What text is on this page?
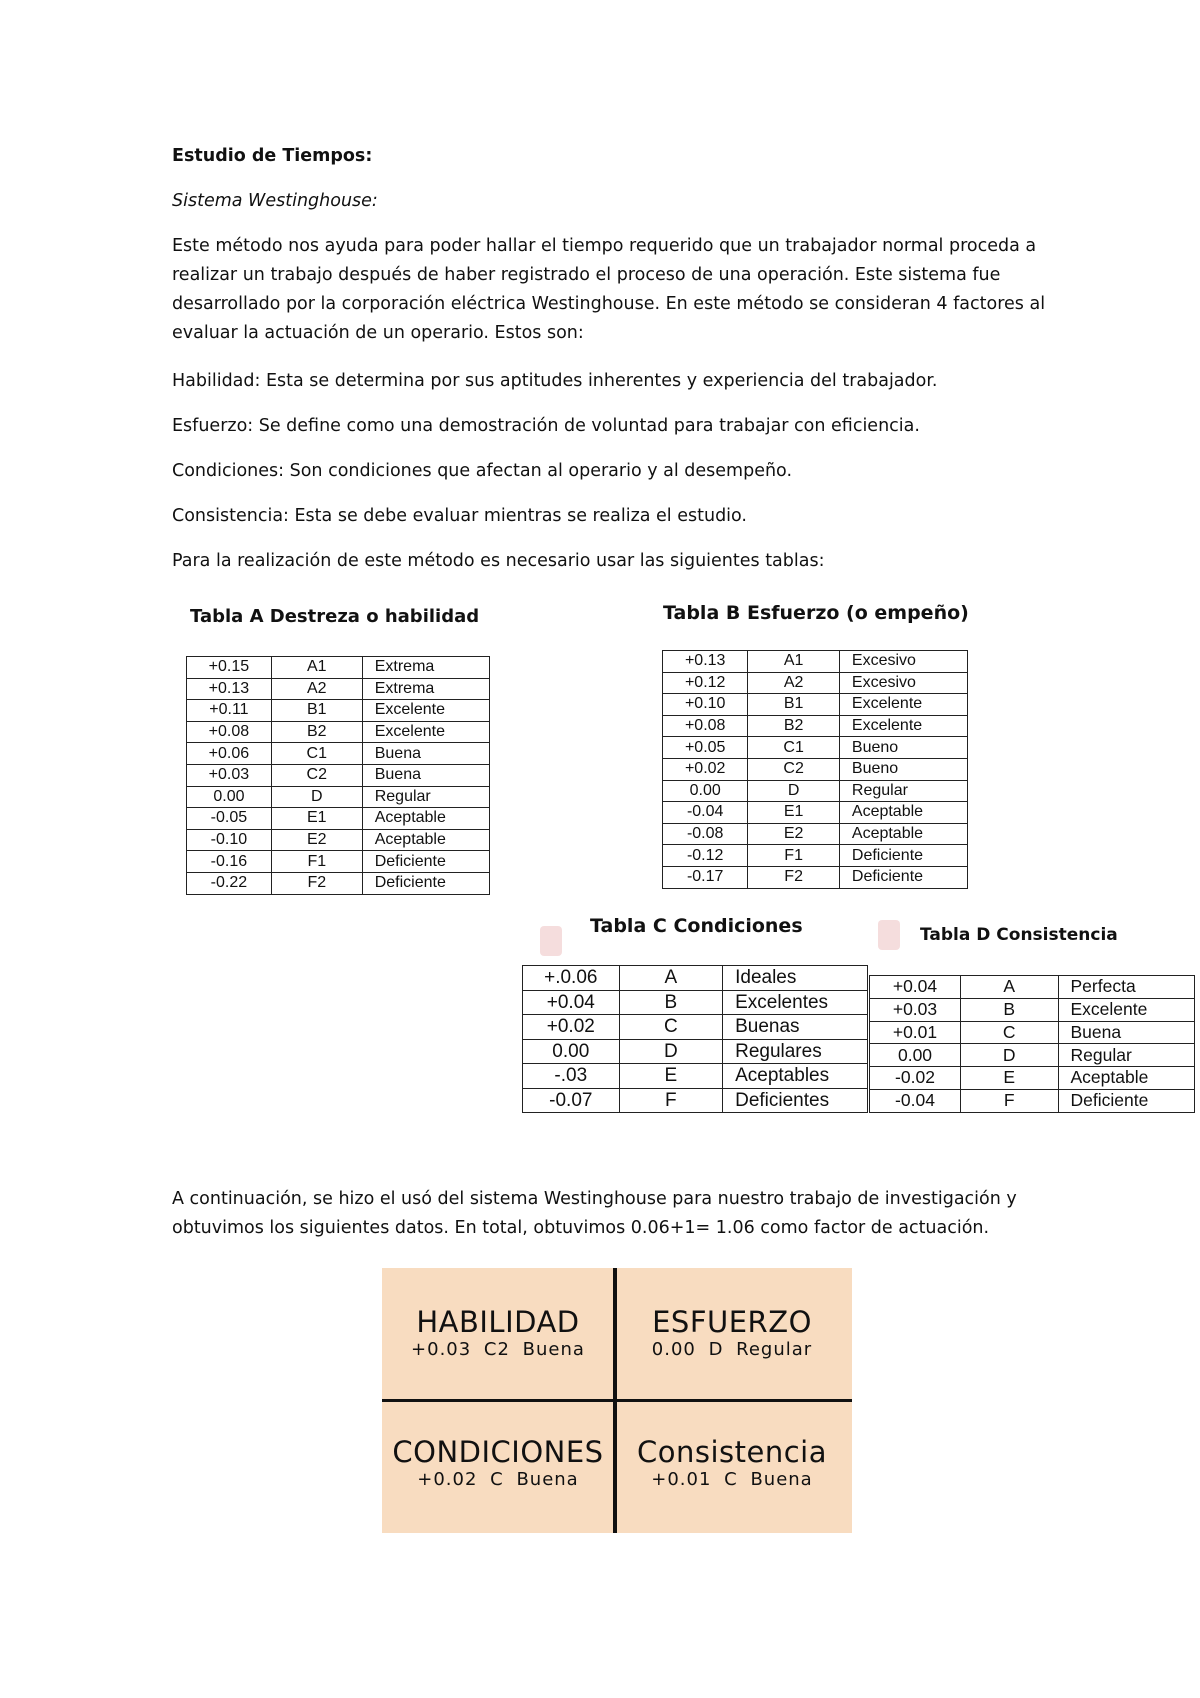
Estudio de Tiempos:

Sistema Westinghouse:

Este método nos ayuda para poder hallar el tiempo requerido que un trabajador normal proceda a realizar un trabajo después de haber registrado el proceso de una operación. Este sistema fue desarrollado por la corporación eléctrica Westinghouse. En este método se consideran 4 factores al evaluar la actuación de un operario. Estos son:

Habilidad: Esta se determina por sus aptitudes inherentes y experiencia del trabajador.

Esfuerzo: Se define como una demostración de voluntad para trabajar con eficiencia.

Condiciones: Son condiciones que afectan al operario y al desempeño.

Consistencia: Esta se debe evaluar mientras se realiza el estudio.

Para la realización de este método es necesario usar las siguientes tablas:

Tabla A Destreza o habilidad
+0.15	A1	Extrema
+0.13	A2	Extrema
+0.11	B1	Excelente
+0.08	B2	Excelente
+0.06	C1	Buena
+0.03	C2	Buena
0.00	D	Regular
-0.05	E1	Aceptable
-0.10	E2	Aceptable
-0.16	F1	Deficiente
-0.22	F2	Deficiente
Tabla B Esfuerzo (o empeño)
+0.13	A1	Excesivo
+0.12	A2	Excesivo
+0.10	B1	Excelente
+0.08	B2	Excelente
+0.05	C1	Bueno
+0.02	C2	Bueno
0.00	D	Regular
-0.04	E1	Aceptable
-0.08	E2	Aceptable
-0.12	F1	Deficiente
-0.17	F2	Deficiente
Tabla C Condiciones
+.0.06	A	Ideales
+0.04	B	Excelentes
+0.02	C	Buenas
0.00	D	Regulares
-.03	E	Aceptables
-0.07	F	Deficientes
Tabla D Consistencia
+0.04	A	Perfecta
+0.03	B	Excelente
+0.01	C	Buena
0.00	D	Regular
-0.02	E	Aceptable
-0.04	F	Deficiente

A continuación, se hizo el usó del sistema Westinghouse para nuestro trabajo de investigación y obtuvimos los siguientes datos. En total, obtuvimos 0.06+1= 1.06 como factor de actuación.

HABILIDAD
+0.03 C2 Buena
ESFUERZO
0.00 D Regular
CONDICIONES
+0.02 C Buena
Consistencia
+0.01 C Buena
